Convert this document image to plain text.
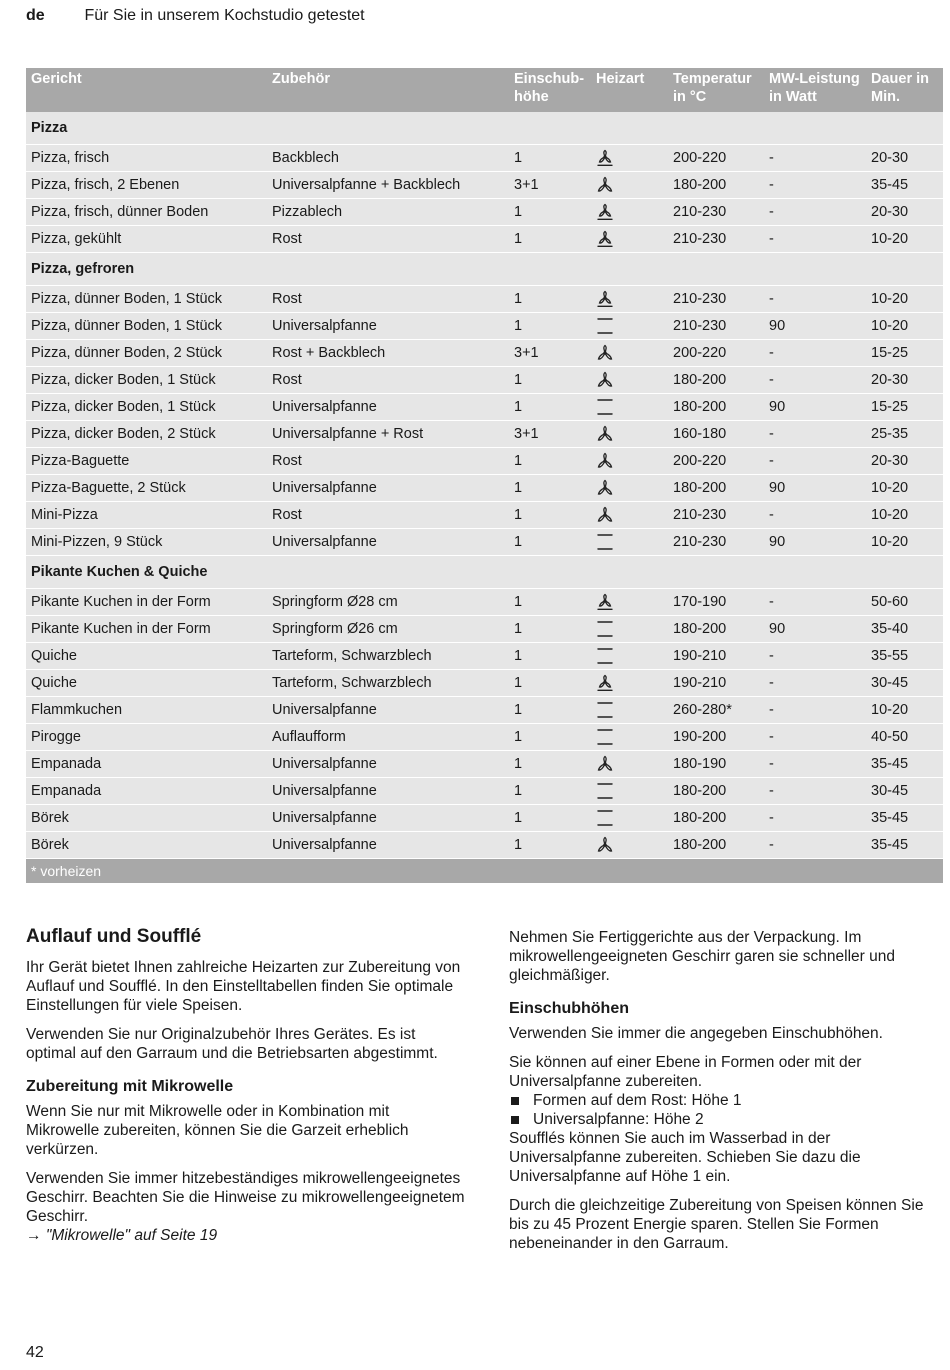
de Für Sie in unserem Kochstudio getestet
Gericht	Zubehör	Einschub-höhe	Heizart	Temperatur in °C	MW-Leistung in Watt	Dauer in Min.
Pizza						
Pizza, frisch	Backblech	1		200-220	-	20-30
Pizza, frisch, 2 Ebenen	Universalpfanne + Backblech	3+1		180-200	-	35-45
Pizza, frisch, dünner Boden	Pizzablech	1		210-230	-	20-30
Pizza, gekühlt	Rost	1		210-230	-	10-20
Pizza, gefroren						
Pizza, dünner Boden, 1 Stück	Rost	1		210-230	-	10-20
Pizza, dünner Boden, 1 Stück	Universalpfanne	1		210-230	90	10-20
Pizza, dünner Boden, 2 Stück	Rost + Backblech	3+1		200-220	-	15-25
Pizza, dicker Boden, 1 Stück	Rost	1		180-200	-	20-30
Pizza, dicker Boden, 1 Stück	Universalpfanne	1		180-200	90	15-25
Pizza, dicker Boden, 2 Stück	Universalpfanne + Rost	3+1		160-180	-	25-35
Pizza-Baguette	Rost	1		200-220	-	20-30
Pizza-Baguette, 2 Stück	Universalpfanne	1		180-200	90	10-20
Mini-Pizza	Rost	1		210-230	-	10-20
Mini-Pizzen, 9 Stück	Universalpfanne	1		210-230	90	10-20
Pikante Kuchen & Quiche						
Pikante Kuchen in der Form	Springform Ø28 cm	1		170-190	-	50-60
Pikante Kuchen in der Form	Springform Ø26 cm	1		180-200	90	35-40
Quiche	Tarteform, Schwarzblech	1		190-210	-	35-55
Quiche	Tarteform, Schwarzblech	1		190-210	-	30-45
Flammkuchen	Universalpfanne	1		260-280*	-	10-20
Pirogge	Auflaufform	1		190-200	-	40-50
Empanada	Universalpfanne	1		180-190	-	35-45
Empanada	Universalpfanne	1		180-200	-	30-45
Börek	Universalpfanne	1		180-200	-	35-45
Börek	Universalpfanne	1		180-200	-	35-45
* vorheizen						
Auflauf und Soufflé

Ihr Gerät bietet Ihnen zahlreiche Heizarten zur Zubereitung von Auflauf und Soufflé. In den Einstelltabellen finden Sie optimale Einstellungen für viele Speisen.

Verwenden Sie nur Originalzubehör Ihres Gerätes. Es ist optimal auf den Garraum und die Betriebsarten abgestimmt.

Zubereitung mit Mikrowelle

Wenn Sie nur mit Mikrowelle oder in Kombination mit Mikrowelle zubereiten, können Sie die Garzeit erheblich verkürzen.

Verwenden Sie immer hitzebeständiges mikrowellengeeignetes Geschirr. Beachten Sie die Hinweise zu mikrowellengeeignetem Geschirr.
→ "Mikrowelle" auf Seite 19

Nehmen Sie Fertiggerichte aus der Verpackung. Im mikrowellengeeigneten Geschirr garen sie schneller und gleichmäßiger.

Einschubhöhen

Verwenden Sie immer die angegeben Einschubhöhen.

Sie können auf einer Ebene in Formen oder mit der Universalpfanne zubereiten.

Formen auf dem Rost: Höhe 1
Universalpfanne: Höhe 2

Soufflés können Sie auch im Wasserbad in der Universalpfanne zubereiten. Schieben Sie dazu die Universalpfanne auf Höhe 1 ein.

Durch die gleichzeitige Zubereitung von Speisen können Sie bis zu 45 Prozent Energie sparen. Stellen Sie Formen nebeneinander in den Garraum.

42
